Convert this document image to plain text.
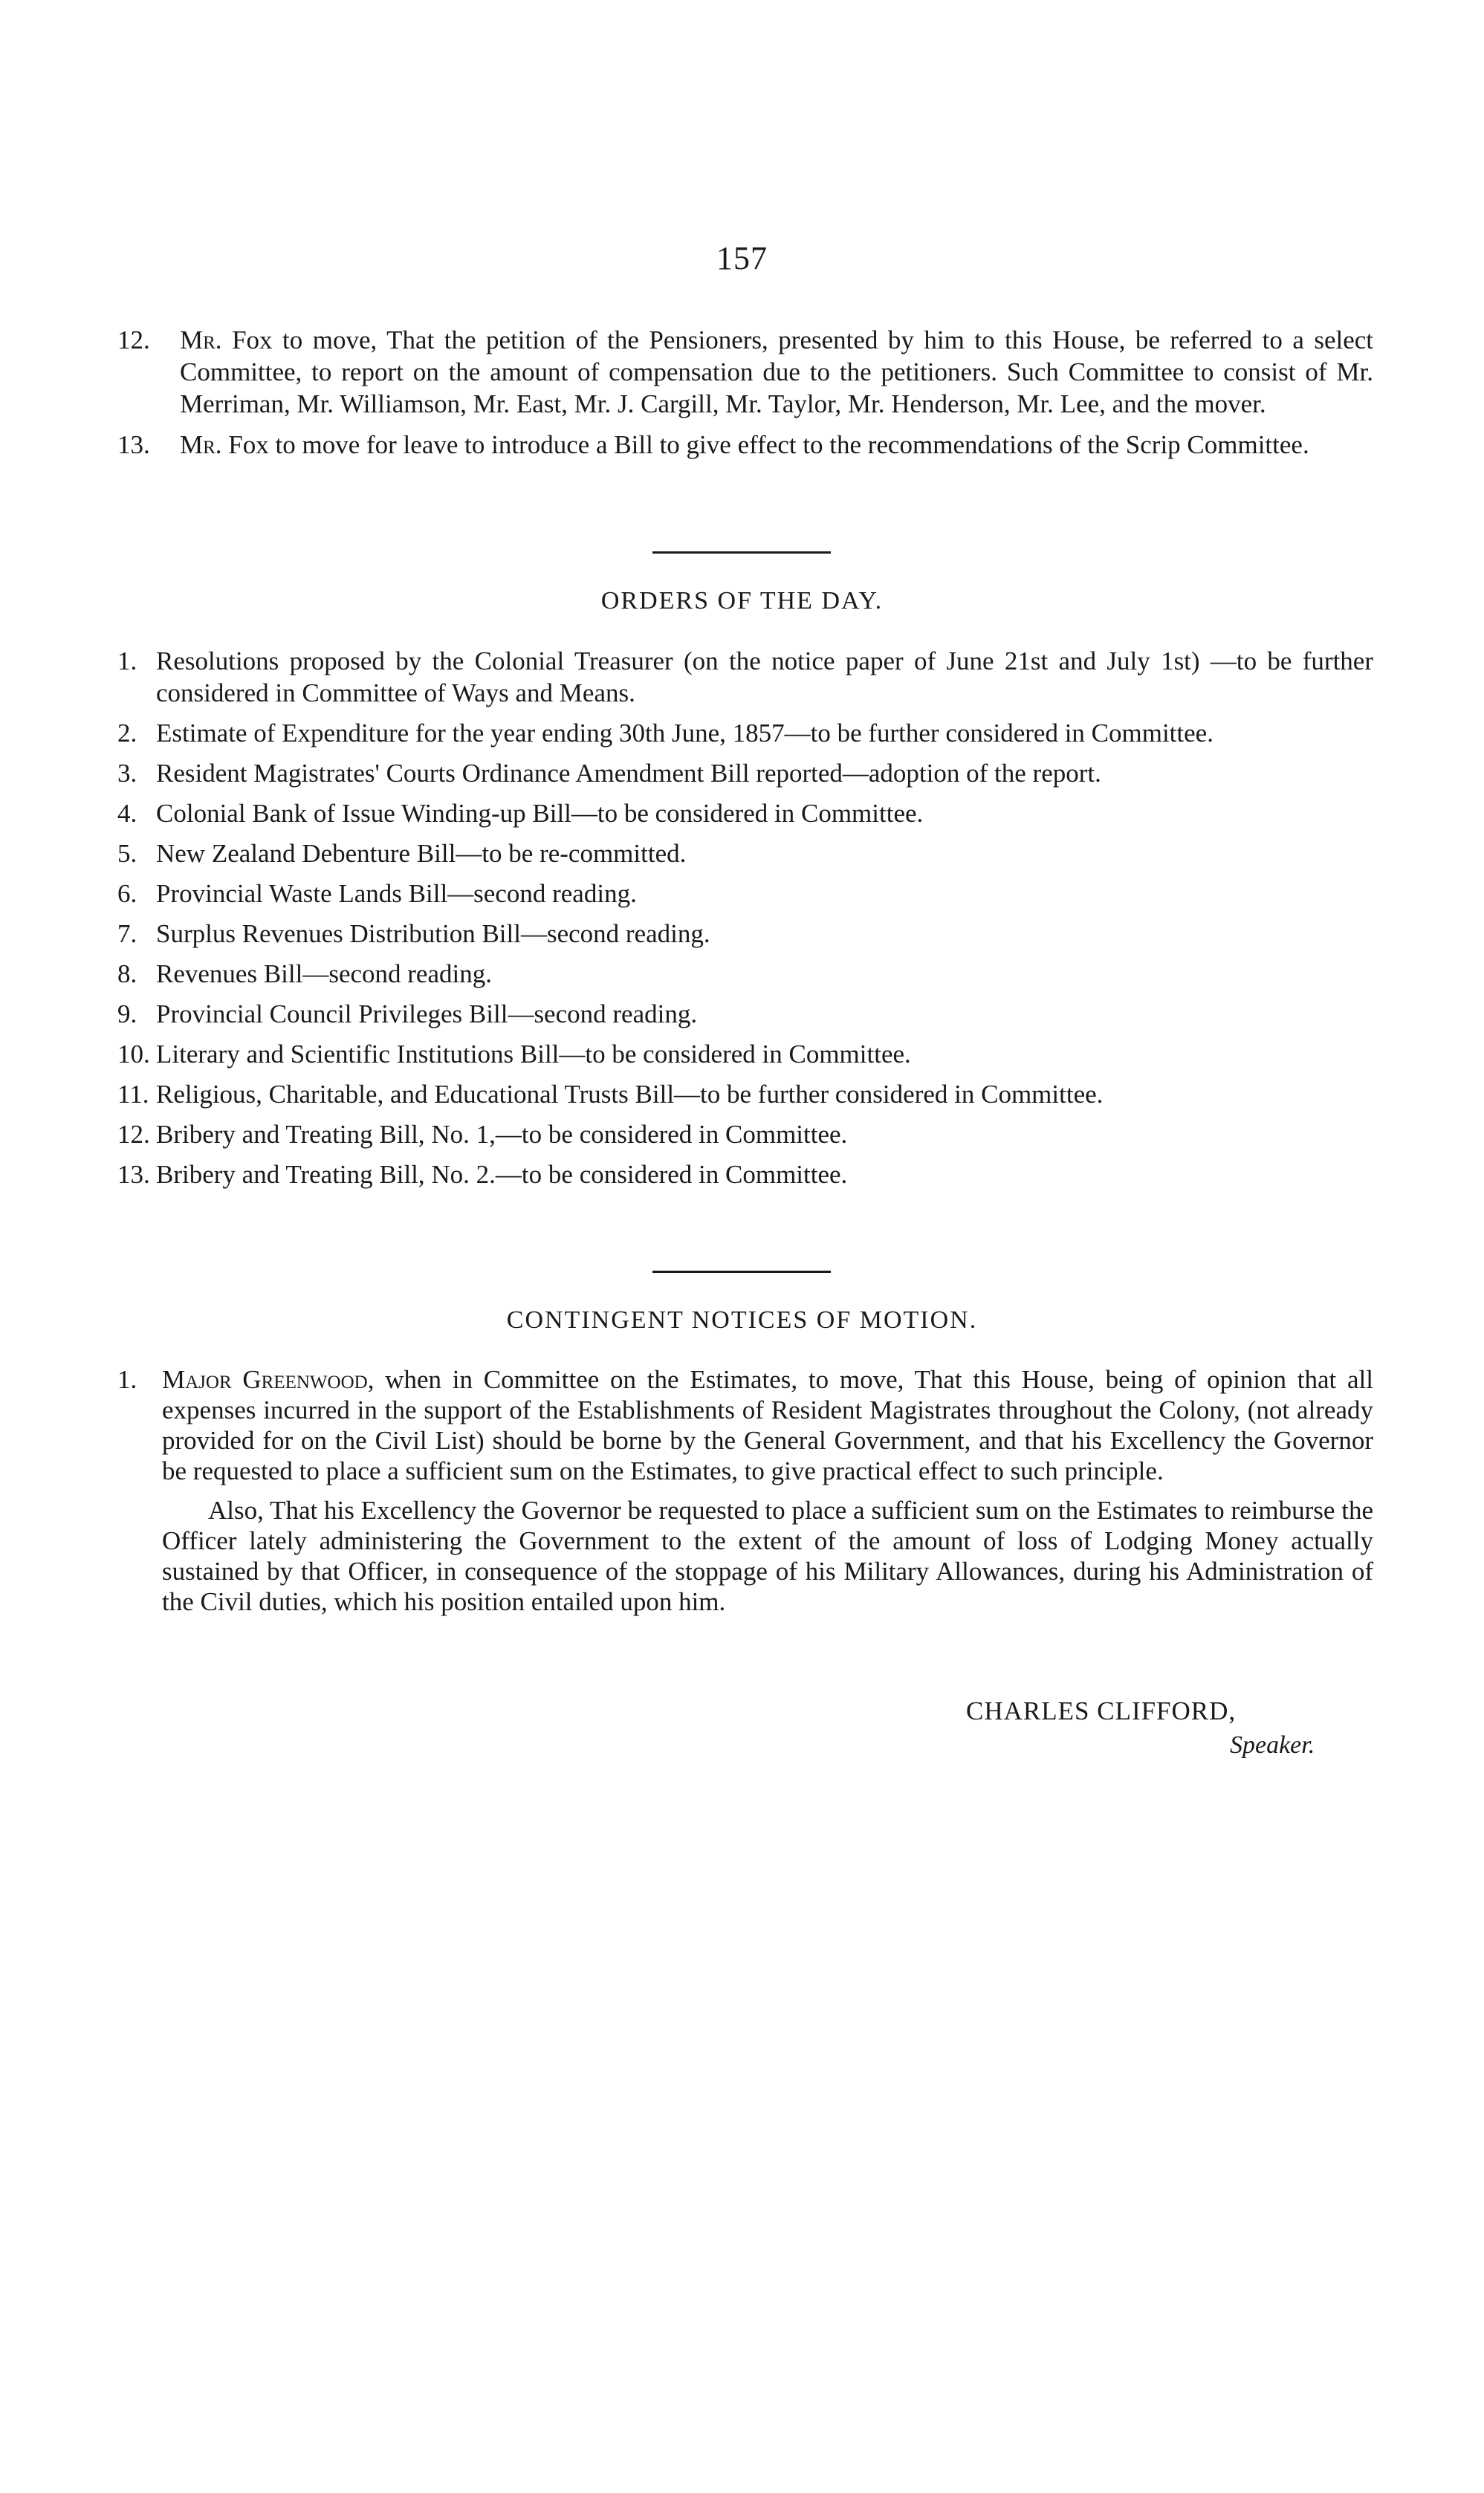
157
12.	Mr. Fox to move, That the petition of the Pensioners, presented by him to this House, be referred to a select Committee, to report on the amount of compensation due to the petitioners. Such Committee to consist of Mr. Merriman, Mr. Williamson, Mr. East, Mr. J. Cargill, Mr. Taylor, Mr. Henderson, Mr. Lee, and the mover.
13.	Mr. Fox to move for leave to introduce a Bill to give effect to the recommendations of the Scrip Committee.
ORDERS OF THE DAY.
1. Resolutions proposed by the Colonial Treasurer (on the notice paper of June 21st and July 1st) —to be further considered in Committee of Ways and Means.
2. Estimate of Expenditure for the year ending 30th June, 1857—to be further considered in Committee.
3. Resident Magistrates' Courts Ordinance Amendment Bill reported—adoption of the report.
4. Colonial Bank of Issue Winding-up Bill—to be considered in Committee.
5. New Zealand Debenture Bill—to be re-committed.
6. Provincial Waste Lands Bill—second reading.
7. Surplus Revenues Distribution Bill—second reading.
8. Revenues Bill—second reading.
9. Provincial Council Privileges Bill—second reading.
10. Literary and Scientific Institutions Bill—to be considered in Committee.
11. Religious, Charitable, and Educational Trusts Bill—to be further considered in Committee.
12. Bribery and Treating Bill, No. 1,—to be considered in Committee.
13. Bribery and Treating Bill, No. 2.—to be considered in Committee.
CONTINGENT NOTICES OF MOTION.
1. Major Greenwood, when in Committee on the Estimates, to move, That this House, being of opinion that all expenses incurred in the support of the Establishments of Resident Magistrates throughout the Colony, (not already provided for on the Civil List) should be borne by the General Government, and that his Excellency the Governor be requested to place a sufficient sum on the Estimates, to give practical effect to such principle.
Also, That his Excellency the Governor be requested to place a sufficient sum on the Estimates to reimburse the Officer lately administering the Government to the extent of the amount of loss of Lodging Money actually sustained by that Officer, in consequence of the stoppage of his Military Allowances, during his Administration of the Civil duties, which his position entailed upon him.
CHARLES CLIFFORD,
Speaker.
